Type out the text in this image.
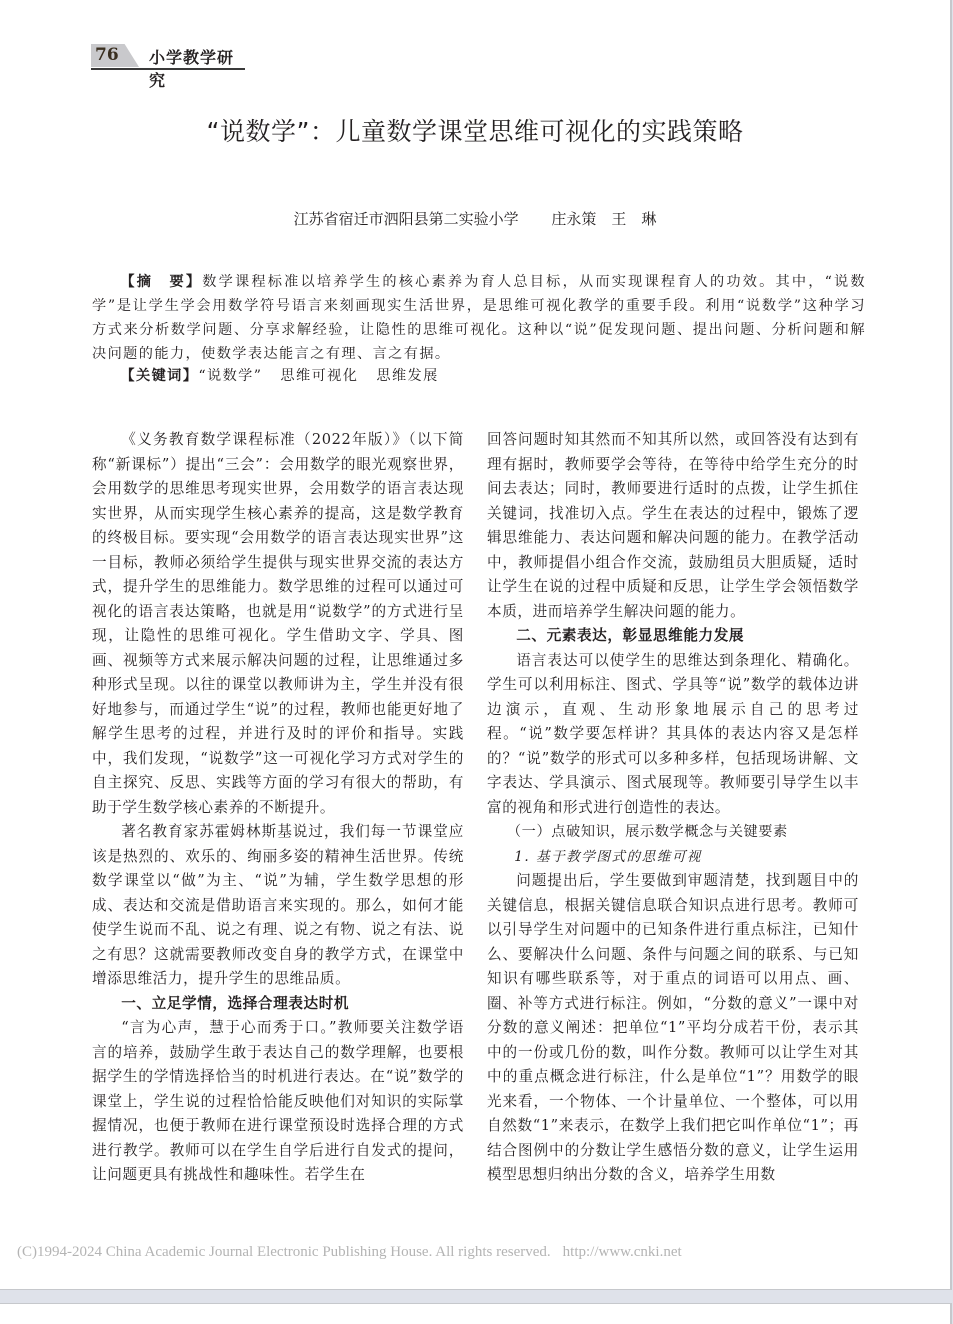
76 小学教学研究
“说数学”：儿童数学课堂思维可视化的实践策略
江苏省宿迁市泗阳县第二实验小学 庄永策　王　琳
【摘　要】数学课程标准以培养学生的核心素养为育人总目标，从而实现课程育人的功效。其中，“说数学”是让学生学会用数学符号语言来刻画现实生活世界，是思维可视化教学的重要手段。利用“说数学”这种学习方式来分析数学问题、分享求解经验，让隐性的思维可视化。这种以“说”促发现问题、提出问题、分析问题和解决问题的能力，使数学表达能言之有理、言之有据。
【关键词】“说数学” 思维可视化 思维发展

《义务教育数学课程标准（2022年版）》（以下简称“新课标”）提出“三会”：会用数学的眼光观察世界，会用数学的思维思考现实世界，会用数学的语言表达现实世界，从而实现学生核心素养的提高，这是数学教育的终极目标。要实现“会用数学的语言表达现实世界”这一目标，教师必须给学生提供与现实世界交流的表达方式，提升学生的思维能力。数学思维的过程可以通过可视化的语言表达策略，也就是用“说数学”的方式进行呈现，让隐性的思维可视化。学生借助文字、学具、图画、视频等方式来展示解决问题的过程，让思维通过多种形式呈现。以往的课堂以教师讲为主，学生并没有很好地参与，而通过学生“说”的过程，教师也能更好地了解学生思考的过程，并进行及时的评价和指导。实践中，我们发现，“说数学”这一可视化学习方式对学生的自主探究、反思、实践等方面的学习有很大的帮助，有助于学生数学核心素养的不断提升。

著名教育家苏霍姆林斯基说过，我们每一节课堂应该是热烈的、欢乐的、绚丽多姿的精神生活世界。传统数学课堂以“做”为主、“说”为辅，学生数学思想的形成、表达和交流是借助语言来实现的。那么，如何才能使学生说而不乱、说之有理、说之有物、说之有法、说之有思？这就需要教师改变自身的教学方式，在课堂中增添思维活力，提升学生的思维品质。

一、立足学情，选择合理表达时机

“言为心声，慧于心而秀于口。”教师要关注数学语言的培养，鼓励学生敢于表达自己的数学理解，也要根据学生的学情选择恰当的时机进行表达。在“说”数学的课堂上，学生说的过程恰恰能反映他们对知识的实际掌握情况，也便于教师在进行课堂预设时选择合理的方式进行教学。教师可以在学生自学后进行自发式的提问，让问题更具有挑战性和趣味性。若学生在

回答问题时知其然而不知其所以然，或回答没有达到有理有据时，教师要学会等待，在等待中给学生充分的时间去表达；同时，教师要进行适时的点拨，让学生抓住关键词，找准切入点。学生在表达的过程中，锻炼了逻辑思维能力、表达问题和解决问题的能力。在教学活动中，教师提倡小组合作交流，鼓励组员大胆质疑，适时让学生在说的过程中质疑和反思，让学生学会领悟数学本质，进而培养学生解决问题的能力。

二、元素表达，彰显思维能力发展

语言表达可以使学生的思维达到条理化、精确化。学生可以利用标注、图式、学具等“说”数学的载体边讲边演示，直观、生动形象地展示自己的思考过程。“说”数学要怎样讲？其具体的表达内容又是怎样的？“说”数学的形式可以多种多样，包括现场讲解、文字表达、学具演示、图式展现等。教师要引导学生以丰富的视角和形式进行创造性的表达。

（一）点破知识，展示数学概念与关键要素
1. 基于教学图式的思维可视

问题提出后，学生要做到审题清楚，找到题目中的关键信息，根据关键信息联合知识点进行思考。教师可以引导学生对问题中的已知条件进行重点标注，已知什么、要解决什么问题、条件与问题之间的联系、与已知知识有哪些联系等，对于重点的词语可以用点、画、圈、补等方式进行标注。例如，“分数的意义”一课中对分数的意义阐述：把单位“1”平均分成若干份，表示其中的一份或几份的数，叫作分数。教师可以让学生对其中的重点概念进行标注，什么是单位“1”？用数学的眼光来看，一个物体、一个计量单位、一个整体，可以用自然数“1”来表示，在数学上我们把它叫作单位“1”；再结合图例中的分数让学生感悟分数的意义，让学生运用模型思想归纳出分数的含义，培养学生用数

(C)1994-2024 China Academic Journal Electronic Publishing House. All rights reserved. http://www.cnki.net
